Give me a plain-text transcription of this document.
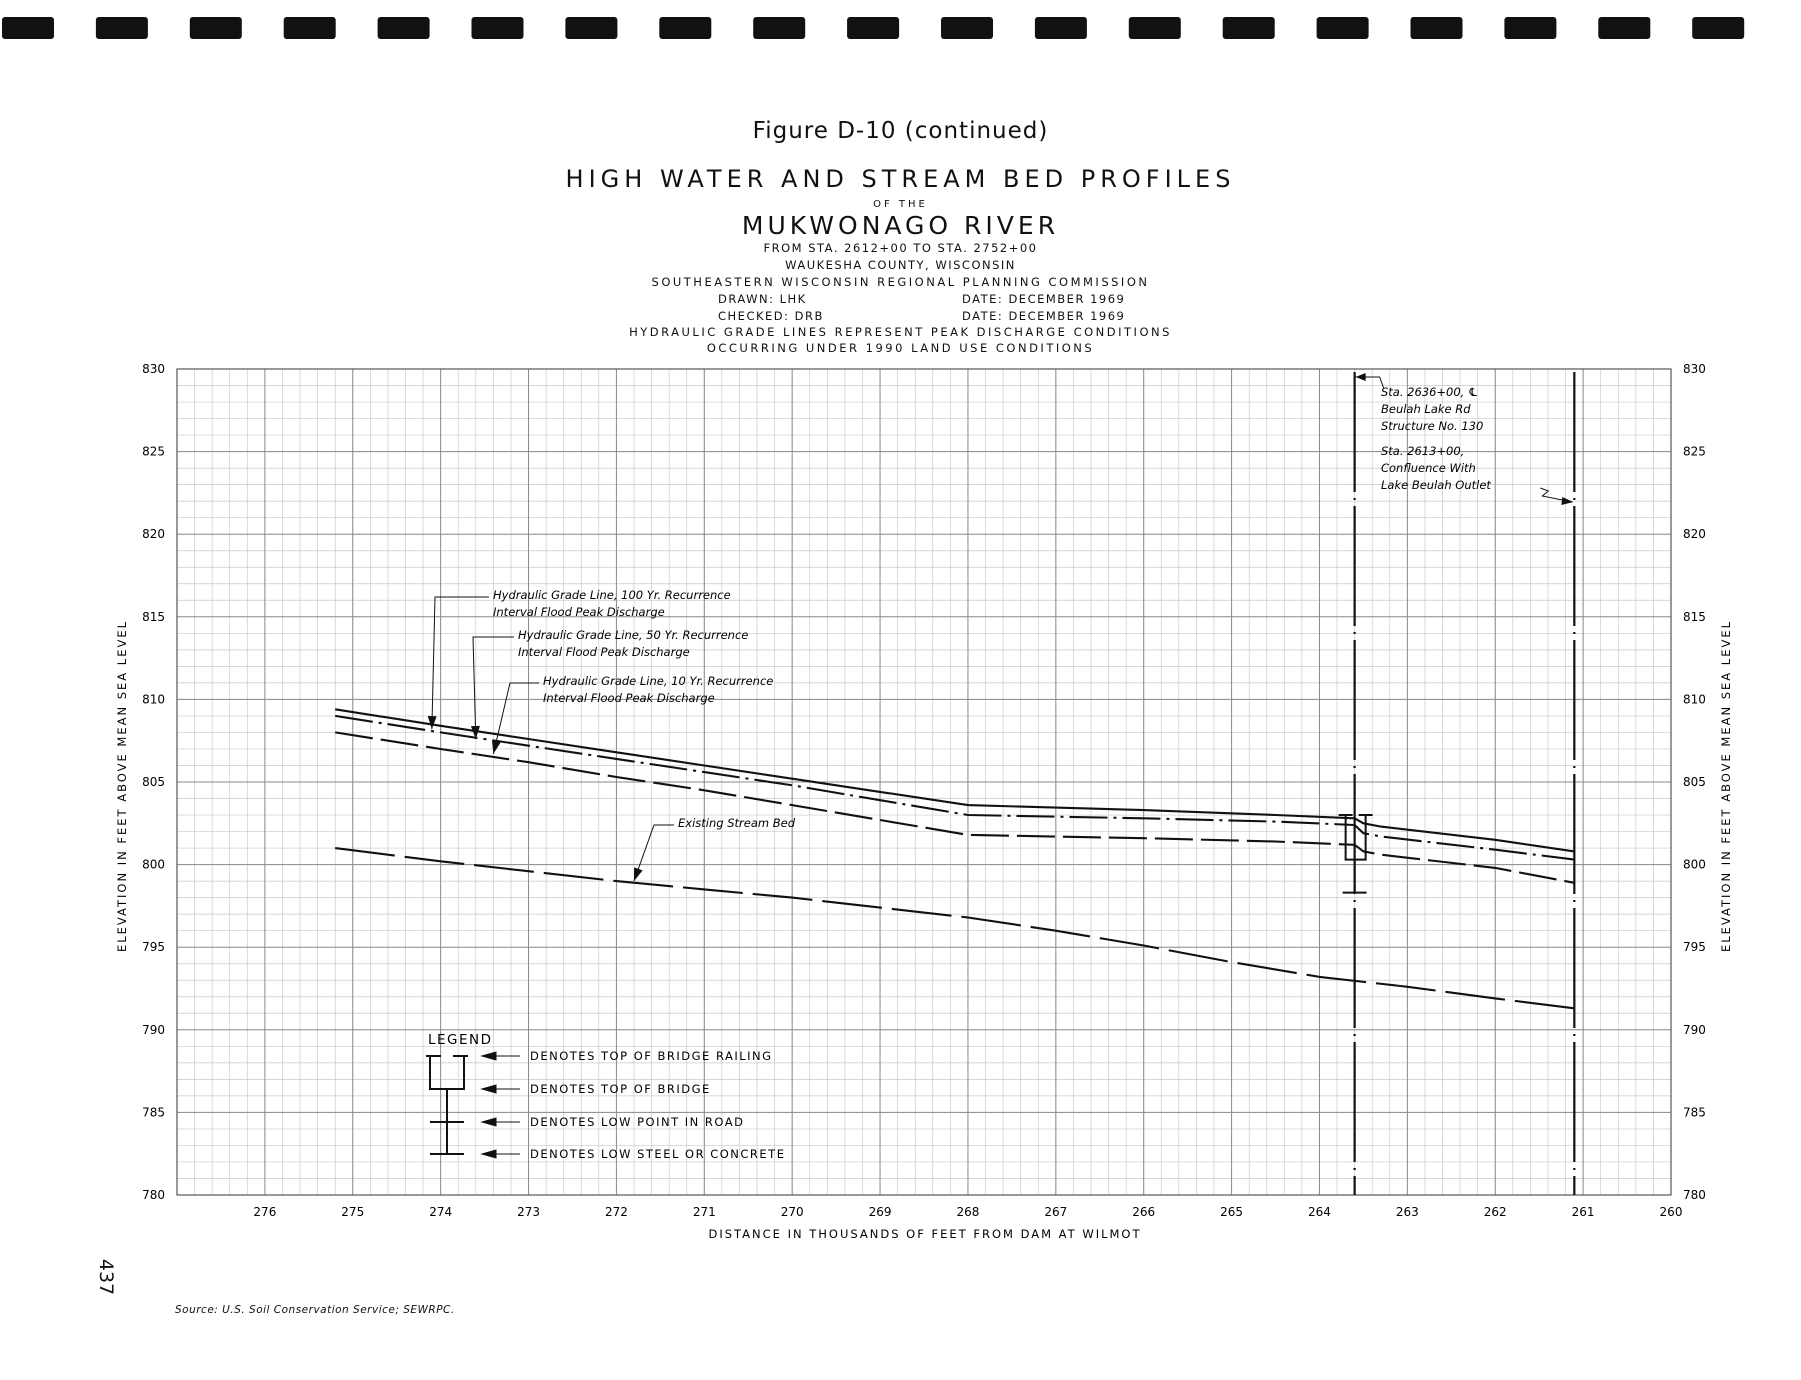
780
785
790
795
800
805
810
815
820
825
830
780
785
790
795
800
805
810
815
820
825
830
276	275	274	273	272	271	270	269	268	267	266	265	264	263	262	261	260
Sta. 2636+00, ℄
Beulah Lake Rd
Structure No. 130
Sta. 2613+00,
Confluence With
Lake Beulah Outlet
Hydraulic Grade Line, 100 Yr. Recurrence
Interval Flood Peak Discharge
Hydraulic Grade Line, 50 Yr. Recurrence
Interval Flood Peak Discharge
Hydraulic Grade Line, 10 Yr. Recurrence
Interval Flood Peak Discharge
Existing Stream Bed
LEGEND
DENOTES TOP OF BRIDGE RAILING
DENOTES TOP OF BRIDGE
DENOTES LOW POINT IN ROAD
DENOTES LOW STEEL OR CONCRETE
DISTANCE IN THOUSANDS OF FEET FROM DAM AT WILMOT
ELEVATION IN FEET ABOVE MEAN SEA LEVEL	ELEVATION IN FEET ABOVE MEAN SEA LEVEL
Figure D-10 (continued)
HIGH WATER AND STREAM BED PROFILES
OF THE
MUKWONAGO RIVER
FROM STA. 2612+00 TO STA. 2752+00
WAUKESHA COUNTY, WISCONSIN
SOUTHEASTERN WISCONSIN REGIONAL PLANNING COMMISSION
DRAWN: LHK	DATE: DECEMBER 1969
CHECKED: DRB	DATE: DECEMBER 1969
HYDRAULIC GRADE LINES REPRESENT PEAK DISCHARGE CONDITIONS
OCCURRING UNDER 1990 LAND USE CONDITIONS
437
Source: U.S. Soil Conservation Service; SEWRPC.
